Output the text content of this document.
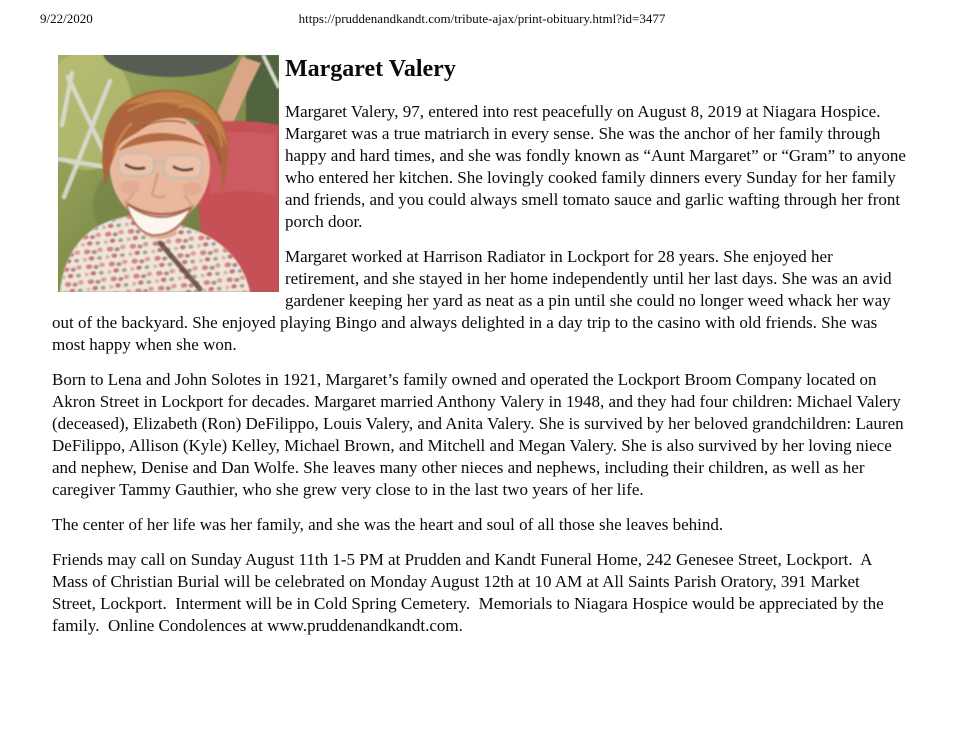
9/22/2020	https://pruddenandkandt.com/tribute-ajax/print-obituary.html?id=3477
Margaret Valery

Margaret Valery, 97, entered into rest peacefully on August 8, 2019 at Niagara Hospice. Margaret was a true matriarch in every sense. She was the anchor of her family through happy and hard times, and she was fondly known as “Aunt Margaret” or “Gram” to anyone who entered her kitchen. She lovingly cooked family dinners every Sunday for her family and friends, and you could always smell tomato sauce and garlic wafting through her front porch door.

Margaret worked at Harrison Radiator in Lockport for 28 years. She enjoyed her retirement, and she stayed in her home independently until her last days. She was an avid gardener keeping her yard as neat as a pin until she could no longer weed whack her way out of the backyard. She enjoyed playing Bingo and always delighted in a day trip to the casino with old friends. She was most happy when she won.

Born to Lena and John Solotes in 1921, Margaret’s family owned and operated the Lockport Broom Company located on Akron Street in Lockport for decades. Margaret married Anthony Valery in 1948, and they had four children: Michael Valery (deceased), Elizabeth (Ron) DeFilippo, Louis Valery, and Anita Valery. She is survived by her beloved grandchildren: Lauren DeFilippo, Allison (Kyle) Kelley, Michael Brown, and Mitchell and Megan Valery. She is also survived by her loving niece and nephew, Denise and Dan Wolfe. She leaves many other nieces and nephews, including their children, as well as her caregiver Tammy Gauthier, who she grew very close to in the last two years of her life.

The center of her life was her family, and she was the heart and soul of all those she leaves behind.

Friends may call on Sunday August 11th 1-5 PM at Prudden and Kandt Funeral Home, 242 Genesee Street, Lockport.  A Mass of Christian Burial will be celebrated on Monday August 12th at 10 AM at All Saints Parish Oratory, 391 Market Street, Lockport.  Interment will be in Cold Spring Cemetery.  Memorials to Niagara Hospice would be appreciated by the family.  Online Condolences at www.pruddenandkandt.com.
